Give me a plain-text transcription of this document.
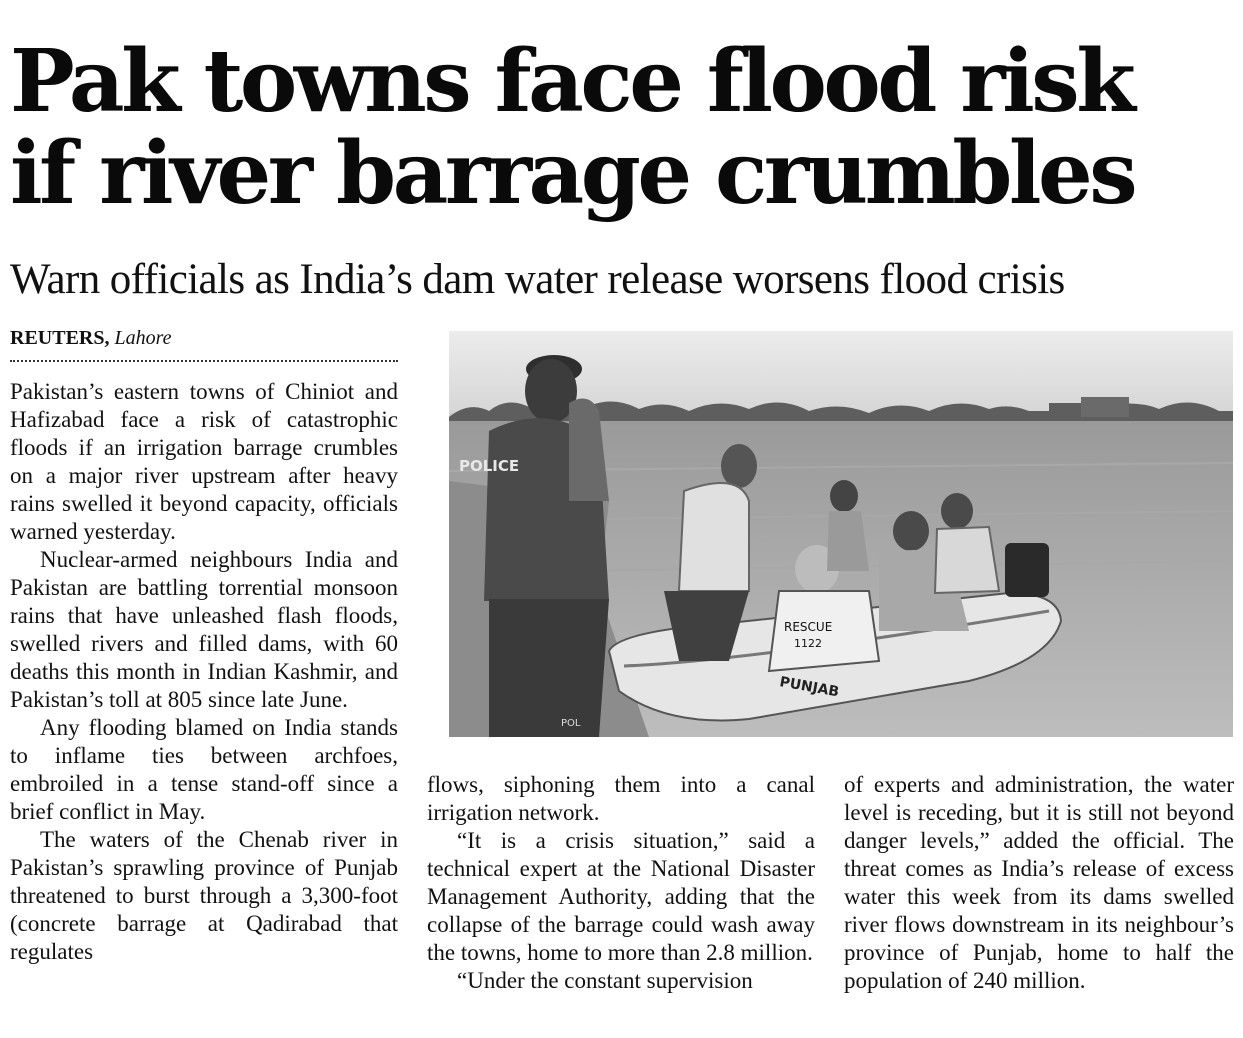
Pak towns face flood risk
if river barrage crumbles
Warn officials as India’s dam water release worsens flood crisis
REUTERS, Lahore

Pakistan’s eastern towns of Chiniot and Hafizabad face a risk of catastrophic floods if an irrigation barrage crumbles on a major river upstream after heavy rains swelled it beyond capacity, officials warned yesterday.

Nuclear-armed neighbours India and Pakistan are battling torrential monsoon rains that have unleashed flash floods, swelled rivers and filled dams, with 60 deaths this month in Indian Kashmir, and Pakistan’s toll at 805 since late June.

Any flooding blamed on India stands to inflame ties between archfoes, embroiled in a tense stand-off since a brief conflict in May.

The waters of the Chenab river in Pakistan’s sprawling province of Punjab threatened to burst through a 3,300-foot (concrete barrage at Qadirabad that regulates

PUNJAB
POLICE
POL
RESCUE
1122

flows, siphoning them into a canal irrigation network.

“It is a crisis situation,” said a technical expert at the National Disaster Management Authority, adding that the collapse of the barrage could wash away the towns, home to more than 2.8 million.

“Under the constant supervision

of experts and administration, the water level is receding, but it is still not beyond danger levels,” added the official. The threat comes as India’s release of excess water this week from its dams swelled river flows downstream in its neighbour’s province of Punjab, home to half the population of 240 million.
